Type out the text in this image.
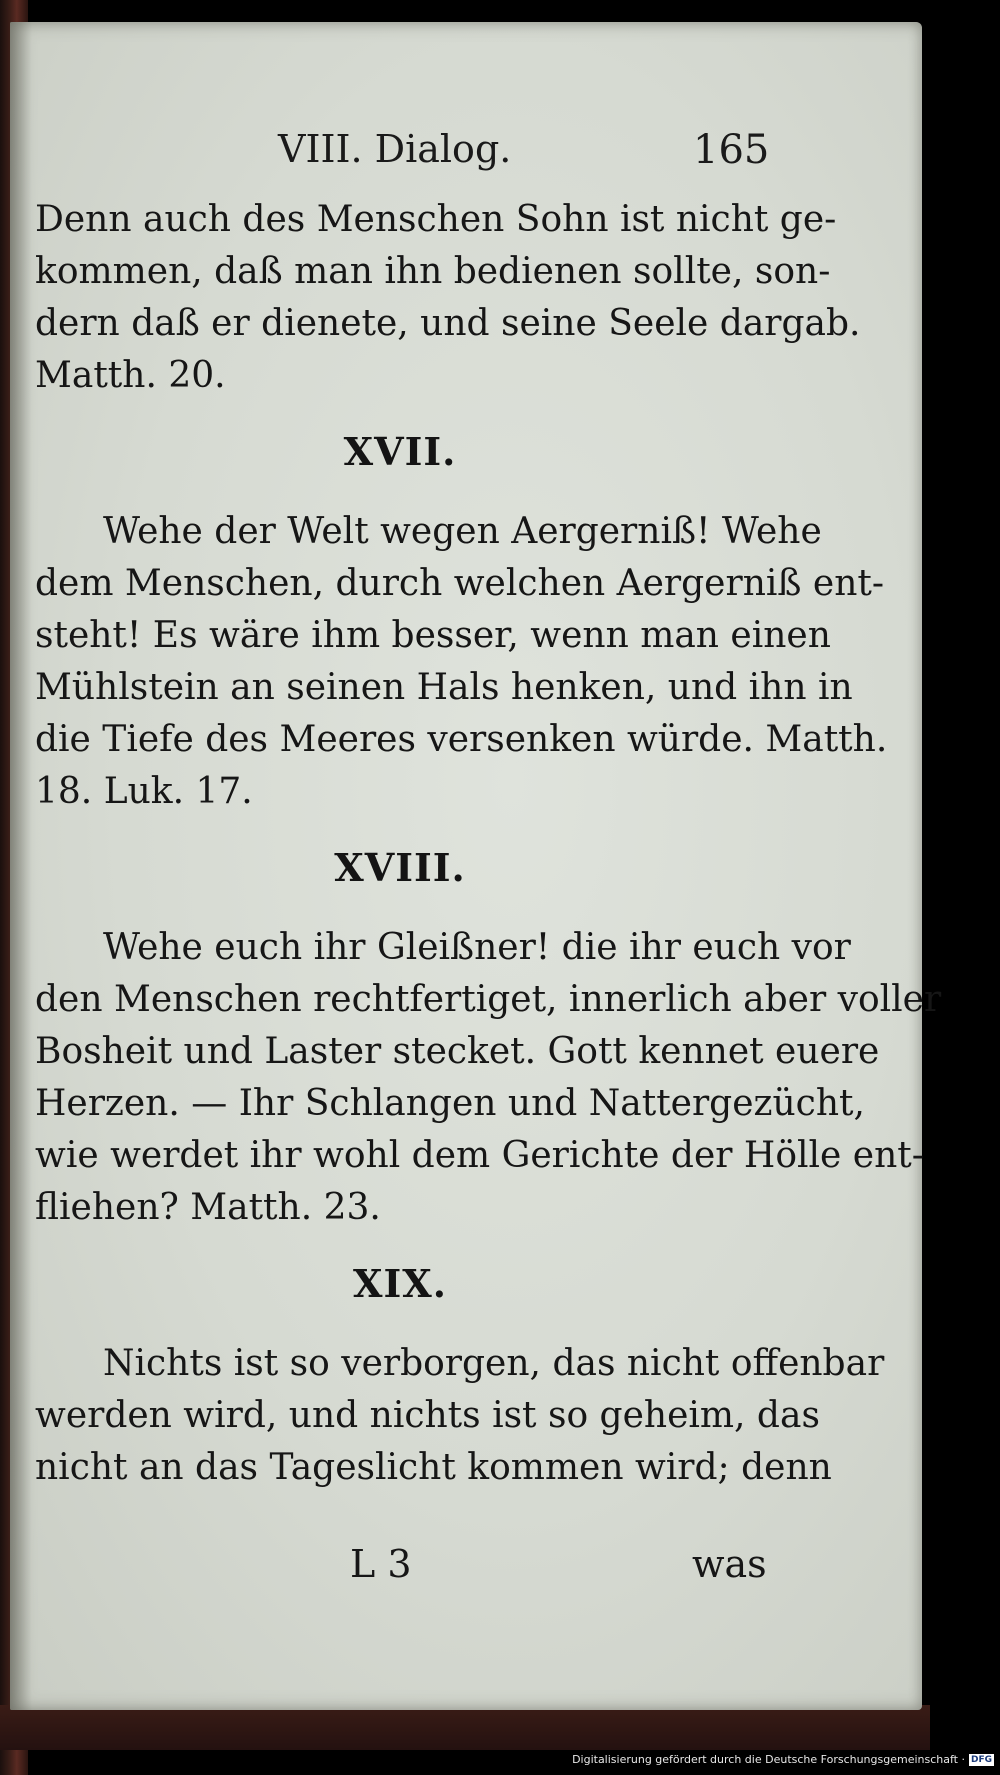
VIII. Dialog.	165
Denn auch des Menschen Sohn ist nicht ge-
kommen, daß man ihn bedienen sollte, son-
dern daß er dienete, und seine Seele dargab.
Matth. 20.
XVII.
Wehe der Welt wegen Aergerniß! Wehe
dem Menschen, durch welchen Aergerniß ent-
steht! Es wäre ihm besser, wenn man einen
Mühlstein an seinen Hals henken, und ihn in
die Tiefe des Meeres versenken würde. Matth.
18. Luk. 17.
XVIII.
Wehe euch ihr Gleißner! die ihr euch vor
den Menschen rechtfertiget, innerlich aber voller
Bosheit und Laster stecket. Gott kennet euere
Herzen. — Ihr Schlangen und Nattergezücht,
wie werdet ihr wohl dem Gerichte der Hölle ent-
fliehen? Matth. 23.
XIX.
Nichts ist so verborgen, das nicht offenbar
werden wird, und nichts ist so geheim, das
nicht an das Tageslicht kommen wird; denn
L 3	was
Digitalisierung gefördert durch die Deutsche Forschungsgemeinschaft · DFG
